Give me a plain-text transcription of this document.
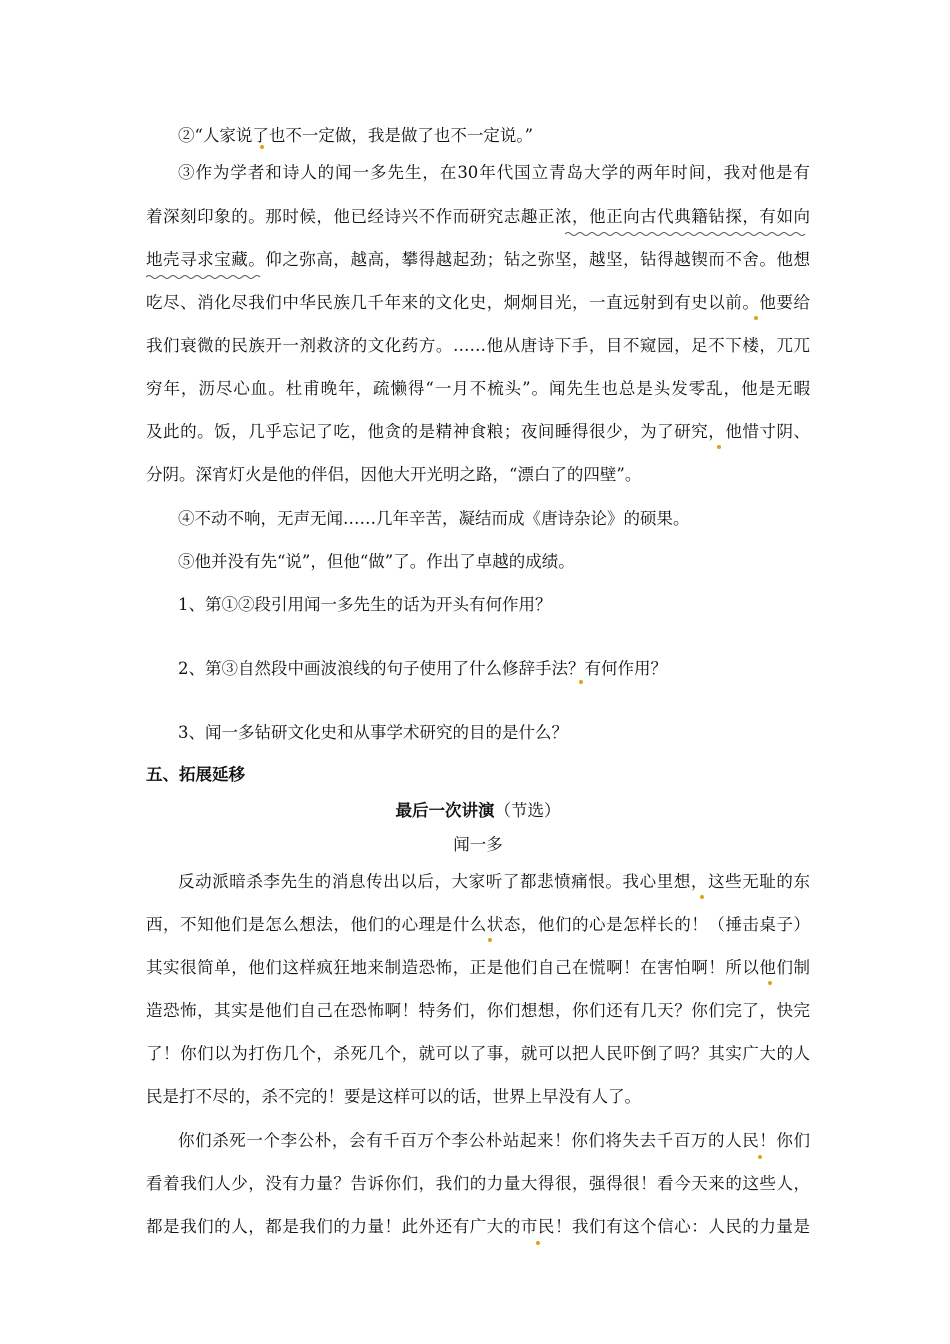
②“人家说了也不一定做，我是做了也不一定说。”
③作为学者和诗人的闻一多先生，在30年代国立青岛大学的两年时间，我对他是有
着深刻印象的。那时候，他已经诗兴不作而研究志趣正浓，他正向古代典籍钻探，有如向
地壳寻求宝藏。仰之弥高，越高，攀得越起劲；钻之弥坚，越坚，钻得越锲而不舍。他想
吃尽、消化尽我们中华民族几千年来的文化史，炯炯目光，一直远射到有史以前。他要给
我们衰微的民族开一剂救济的文化药方。……他从唐诗下手，目不窥园，足不下楼，兀兀
穷年，沥尽心血。杜甫晚年，疏懒得“一月不梳头”。闻先生也总是头发零乱，他是无暇
及此的。饭，几乎忘记了吃，他贪的是精神食粮；夜间睡得很少，为了研究，他惜寸阴、
分阴。深宵灯火是他的伴侣，因他大开光明之路，“漂白了的四壁”。
④不动不响，无声无闻……几年辛苦，凝结而成《唐诗杂论》的硕果。
⑤他并没有先“说”，但他“做”了。作出了卓越的成绩。
1、第①②段引用闻一多先生的话为开头有何作用？
2、第③自然段中画波浪线的句子使用了什么修辞手法？有何作用？
3、闻一多钻研文化史和从事学术研究的目的是什么？
五、拓展延移
最后一次讲演（节选）
闻一多
反动派暗杀李先生的消息传出以后，大家听了都悲愤痛恨。我心里想，这些无耻的东
西，不知他们是怎么想法，他们的心理是什么状态，他们的心是怎样长的！（捶击桌子）
其实很简单，他们这样疯狂地来制造恐怖，正是他们自己在慌啊！在害怕啊！所以他们制
造恐怖，其实是他们自己在恐怖啊！特务们，你们想想，你们还有几天？你们完了，快完
了！你们以为打伤几个，杀死几个，就可以了事，就可以把人民吓倒了吗？其实广大的人
民是打不尽的，杀不完的！要是这样可以的话，世界上早没有人了。
你们杀死一个李公朴，会有千百万个李公朴站起来！你们将失去千百万的人民！你们
看着我们人少，没有力量？告诉你们，我们的力量大得很，强得很！看今天来的这些人，
都是我们的人，都是我们的力量！此外还有广大的市民！我们有这个信心：人民的力量是
